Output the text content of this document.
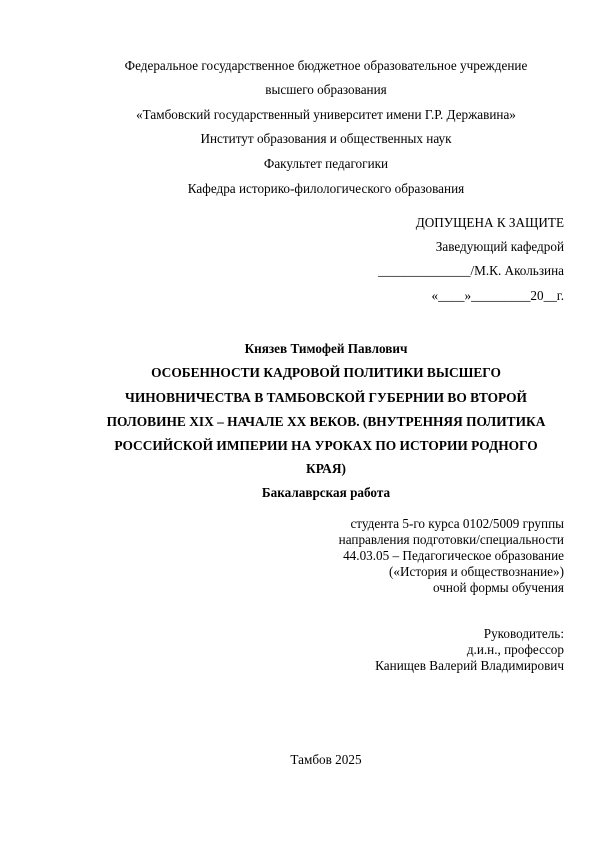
Федеральное государственное бюджетное образовательное учреждение
высшего образования
«Тамбовский государственный университет имени Г.Р. Державина»
Институт образования и общественных наук
Факультет педагогики
Кафедра историко-филологического образования
ДОПУЩЕНА К ЗАЩИТЕ
Заведующий кафедрой
______________/М.К. Акользина
«____»_________20__г.
Князев Тимофей Павлович
ОСОБЕННОСТИ КАДРОВОЙ ПОЛИТИКИ ВЫСШЕГО
ЧИНОВНИЧЕСТВА В ТАМБОВСКОЙ ГУБЕРНИИ ВО ВТОРОЙ
ПОЛОВИНЕ XIX – НАЧАЛЕ XX ВЕКОВ. (ВНУТРЕННЯЯ ПОЛИТИКА
РОССИЙСКОЙ ИМПЕРИИ НА УРОКАХ ПО ИСТОРИИ РОДНОГО
КРАЯ)
Бакалаврская работа
студента 5-го курса 0102/5009 группы
направления подготовки/специальности
44.03.05 – Педагогическое образование
(«История и обществознание»)
очной формы обучения
Руководитель:
д.и.н., профессор
Канищев Валерий Владимирович
Тамбов 2025
